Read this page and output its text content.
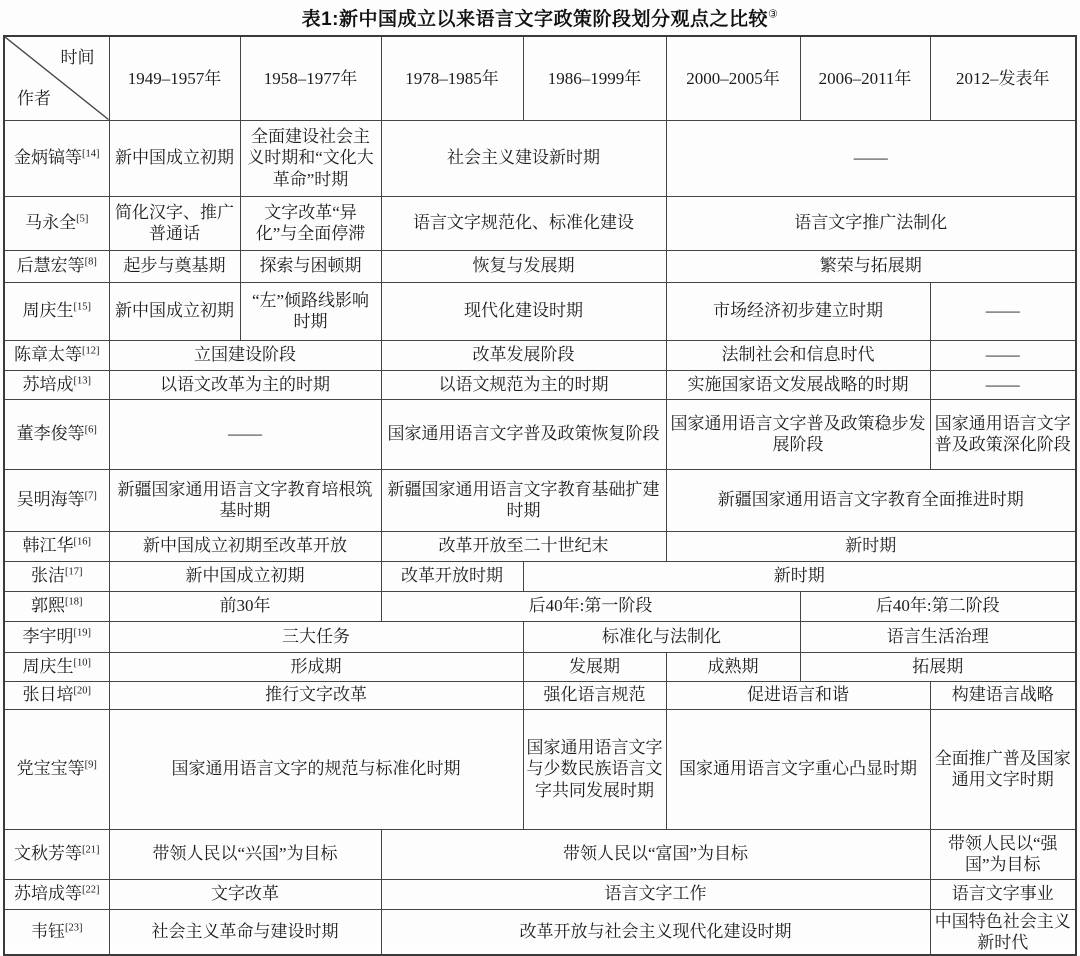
表1:新中国成立以来语言文字政策阶段划分观点之比较③
时间
作者	1949–1957年	1958–1977年	1978–1985年	1986–1999年	2000–2005年	2006–2011年	2012–发表年
金炳镐等[14]	新中国成立初期	全面建设社会主义时期和“文化大革命”时期	社会主义建设新时期		——		
马永全[5]	简化汉字、推广普通话	文字改革“异化”与全面停滞	语言文字规范化、标准化建设		语言文字推广法制化		
后慧宏等[8]	起步与奠基期	探索与困顿期	恢复与发展期		繁荣与拓展期		
周庆生[15]	新中国成立初期	“左”倾路线影响时期	现代化建设时期		市场经济初步建立时期		——
陈章太等[12]	立国建设阶段		改革发展阶段		法制社会和信息时代		——
苏培成[13]	以语文改革为主的时期		以语文规范为主的时期		实施国家语文发展战略的时期		——
董李俊等[6]	——		国家通用语言文字普及政策恢复阶段		国家通用语言文字普及政策稳步发展阶段		国家通用语言文字普及政策深化阶段
吴明海等[7]	新疆国家通用语言文字教育培根筑基时期		新疆国家通用语言文字教育基础扩建时期		新疆国家通用语言文字教育全面推进时期		
韩江华[16]	新中国成立初期至改革开放		改革开放至二十世纪末		新时期		
张洁[17]	新中国成立初期		改革开放时期	新时期			
郭熙[18]	前30年		后40年:第一阶段			后40年:第二阶段	
李宇明[19]	三大任务			标准化与法制化		语言生活治理	
周庆生[10]	形成期			发展期	成熟期	拓展期	
张日培[20]	推行文字改革			强化语言规范	促进语言和谐		构建语言战略
党宝宝等[9]	国家通用语言文字的规范与标准化时期			国家通用语言文字与少数民族语言文字共同发展时期	国家通用语言文字重心凸显时期		全面推广普及国家通用文字时期
文秋芳等[21]	带领人民以“兴国”为目标		带领人民以“富国”为目标				带领人民以“强国”为目标
苏培成等[22]	文字改革		语言文字工作				语言文字事业
韦钰[23]	社会主义革命与建设时期		改革开放与社会主义现代化建设时期				中国特色社会主义新时代
